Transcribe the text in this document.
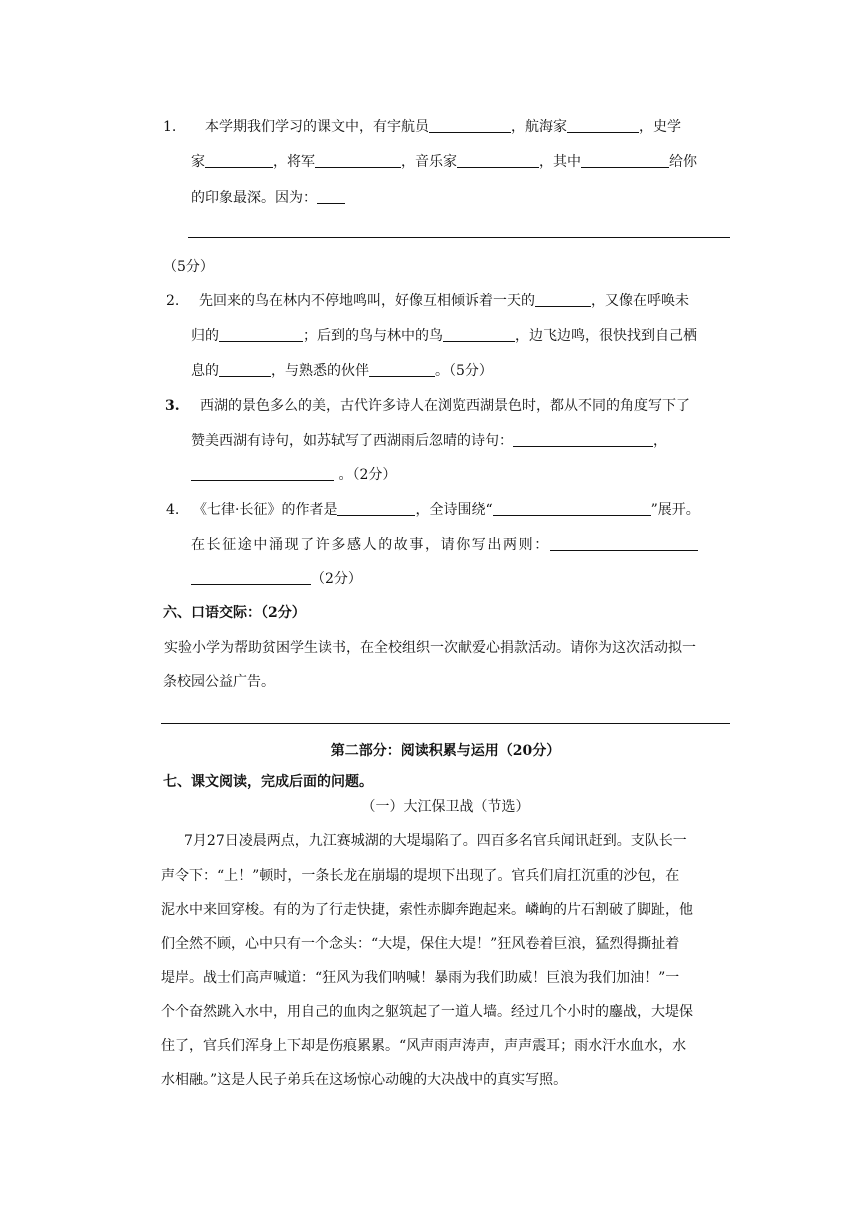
1. 本学期我们学习的课文中，有宇航员	，航海家	，史学
家	，将军	，音乐家	，其中	给你
的印象最深。因为：
（5分）
2. 先回来的鸟在林内不停地鸣叫，好像互相倾诉着一天的	，又像在呼唤未
归的	；后到的鸟与林中的鸟	，边飞边鸣，很快找到自己栖
息的	，与熟悉的伙伴	。（5分）
3. 西湖的景色多么的美，古代许多诗人在浏览西湖景色时，都从不同的角度写下了
赞美西湖有诗句，如苏轼写了西湖雨后忽晴的诗句：	，
。（2分）
4. 《七律·长征》的作者是	，全诗围绕“	”展开。
在长征途中涌现了许多感人的故事，请你写出两则：
（2分）
六、口语交际：（2分）
实验小学为帮助贫困学生读书，在全校组织一次献爱心捐款活动。请你为这次活动拟一
条校园公益广告。
第二部分：阅读积累与运用（20分）
七、课文阅读，完成后面的问题。
（一）大江保卫战（节选）
7月27日凌晨两点，九江赛城湖的大堤塌陷了。四百多名官兵闻讯赶到。支队长一
声令下：“上！”顿时，一条长龙在崩塌的堤坝下出现了。官兵们肩扛沉重的沙包，在
泥水中来回穿梭。有的为了行走快捷，索性赤脚奔跑起来。嶙峋的片石割破了脚趾，他
们全然不顾，心中只有一个念头：“大堤，保住大堤！”狂风卷着巨浪，猛烈得撕扯着
堤岸。战士们高声喊道：“狂风为我们呐喊！暴雨为我们助威！巨浪为我们加油！”一
个个奋然跳入水中，用自己的血肉之躯筑起了一道人墙。经过几个小时的鏖战，大堤保
住了，官兵们浑身上下却是伤痕累累。“风声雨声涛声，声声震耳；雨水汗水血水，水
水相融。”这是人民子弟兵在这场惊心动魄的大决战中的真实写照。
